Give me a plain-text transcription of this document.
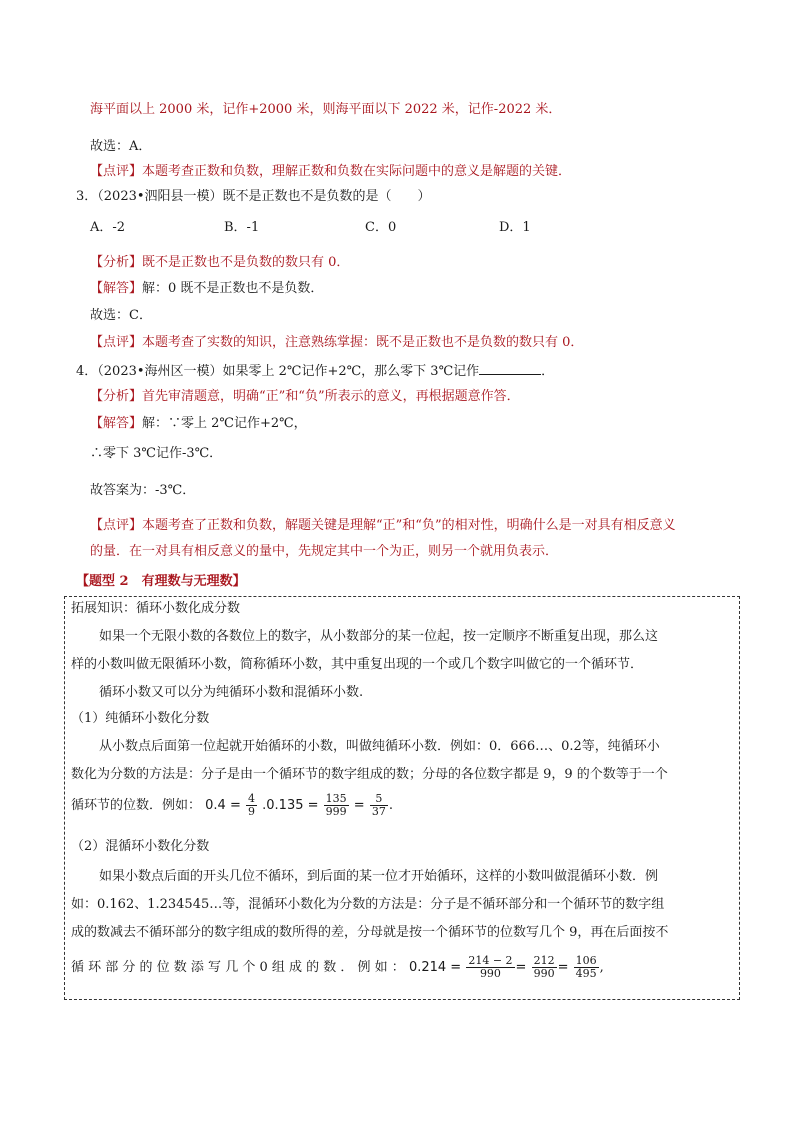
海平面以上 2000 米，记作+2000 米，则海平面以下 2022 米，记作-2022 米．
故选：A．
【点评】本题考查正数和负数，理解正数和负数在实际问题中的意义是解题的关键．
3．（2023•泗阳县一模）既不是正数也不是负数的是（　　）
A．-2	B．-1	C．0	D．1
【分析】既不是正数也不是负数的数只有 0．
【解答】解：0 既不是正数也不是负数．
故选：C．
【点评】本题考查了实数的知识，注意熟练掌握：既不是正数也不是负数的数只有 0．
4．（2023•海州区一模）如果零上 2℃记作+2℃，那么零下 3℃记作	．
【分析】首先审清题意，明确“正”和“负”所表示的意义，再根据题意作答．
【解答】解：∵零上 2℃记作+2℃，
∴零下 3℃记作-3℃．
故答案为：-3℃．
【点评】本题考查了正数和负数，解题关键是理解“正”和“负”的相对性，明确什么是一对具有相反意义
的量．在一对具有相反意义的量中，先规定其中一个为正，则另一个就用负表示．
【题型 2　有理数与无理数】
拓展知识：循环小数化成分数
如果一个无限小数的各数位上的数字，从小数部分的某一位起，按一定顺序不断重复出现，那么这
样的小数叫做无限循环小数，简称循环小数，其中重复出现的一个或几个数字叫做它的一个循环节．
循环小数又可以分为纯循环小数和混循环小数.
（1）纯循环小数化分数
从小数点后面第一位起就开始循环的小数，叫做纯循环小数．例如：0．666…、0.2等，纯循环小
数化为分数的方法是：分子是由一个循环节的数字组成的数；分母的各位数字都是 9，9 的个数等于一个
循环节的位数．例如： $0.4 = \frac{4}{9} .0.135 = \frac{135}{999} = \frac{5}{37}$ .
（2）混循环小数化分数
如果小数点后面的开头几位不循环，到后面的某一位才开始循环，这样的小数叫做混循环小数．例
如：0.162、1.234545…等，混循环小数化为分数的方法是：分子是不循环部分和一个循环节的数字组
成的数减去不循环部分的数字组成的数所得的差，分母就是按一个循环节的位数写几个 9，再在后面按不
循 环 部 分 的 位 数 添 写 几 个 0 组 成 的 数 ． 例 如 ： $0.214 = \frac{214 - 2}{990} = \frac{212}{990} = \frac{106}{495}$ ,
